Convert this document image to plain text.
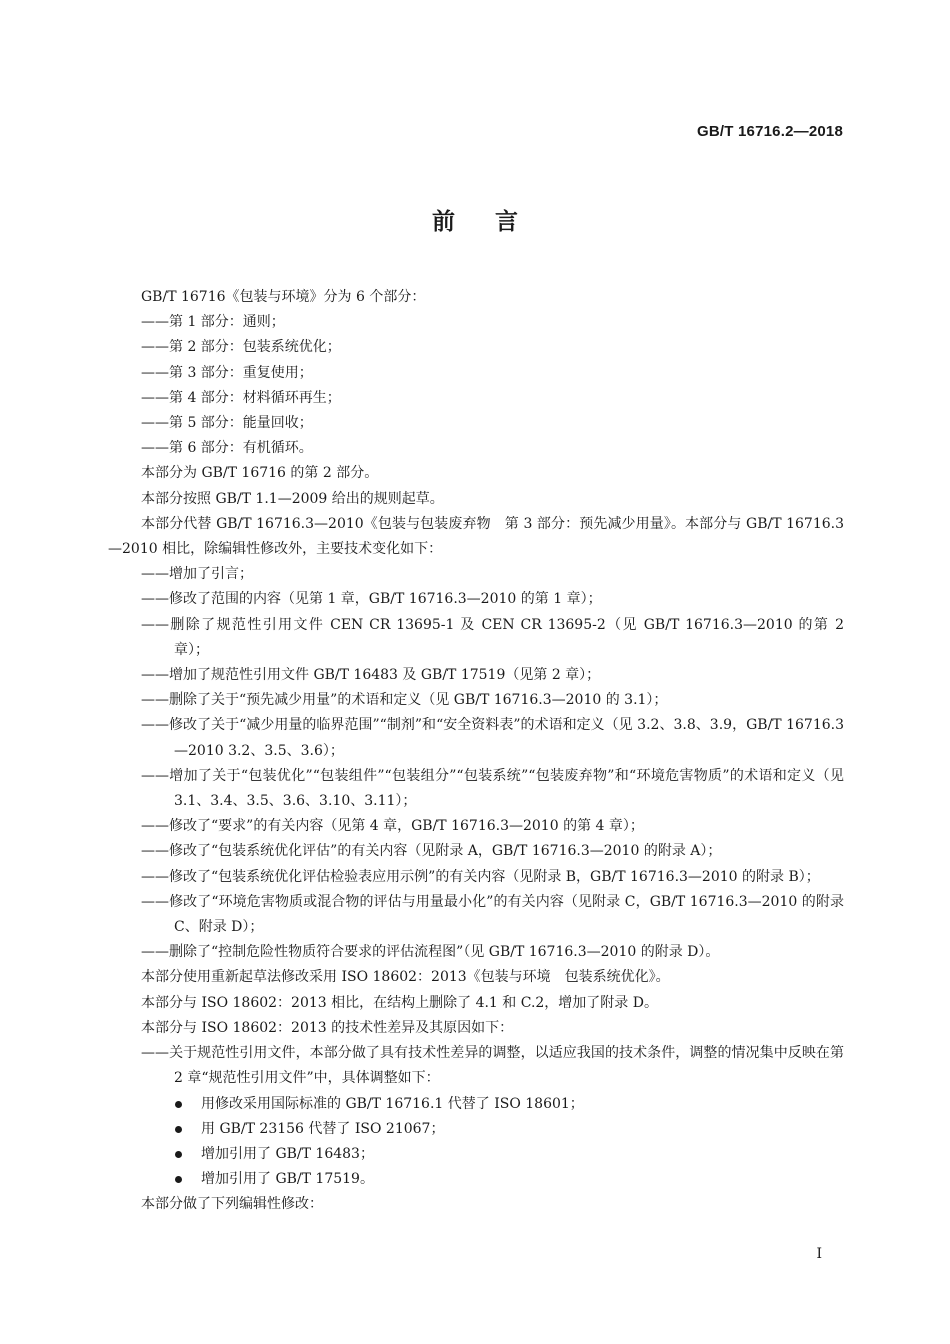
GB/T 16716.2—2018
前言
GB/T 16716《包装与环境》分为 6 个部分：
——第 1 部分：通则；
——第 2 部分：包装系统优化；
——第 3 部分：重复使用；
——第 4 部分：材料循环再生；
——第 5 部分：能量回收；
——第 6 部分：有机循环。
本部分为 GB/T 16716 的第 2 部分。
本部分按照 GB/T 1.1—2009 给出的规则起草。
本部分代替 GB/T 16716.3—2010《包装与包装废弃物　第 3 部分：预先减少用量》。本部分与 GB/T 16716.3—2010 相比，除编辑性修改外，主要技术变化如下：
——增加了引言；
——修改了范围的内容（见第 1 章，GB/T 16716.3—2010 的第 1 章）；
——删除了规范性引用文件 CEN CR 13695-1 及 CEN CR 13695-2（见 GB/T 16716.3—2010 的第 2 章）；
——增加了规范性引用文件 GB/T 16483 及 GB/T 17519（见第 2 章）；
——删除了关于“预先减少用量”的术语和定义（见 GB/T 16716.3—2010 的 3.1）；
——修改了关于“减少用量的临界范围”“制剂”和“安全资料表”的术语和定义（见 3.2、3.8、3.9，GB/T 16716.3—2010 3.2、3.5、3.6）；
——增加了关于“包装优化”“包装组件”“包装组分”“包装系统”“包装废弃物”和“环境危害物质”的术语和定义（见 3.1、3.4、3.5、3.6、3.10、3.11）；
——修改了“要求”的有关内容（见第 4 章，GB/T 16716.3—2010 的第 4 章）；
——修改了“包装系统优化评估”的有关内容（见附录 A，GB/T 16716.3—2010 的附录 A）；
——修改了“包装系统优化评估检验表应用示例”的有关内容（见附录 B，GB/T 16716.3—2010 的附录 B）；
——修改了“环境危害物质或混合物的评估与用量最小化”的有关内容（见附录 C，GB/T 16716.3—2010 的附录 C、附录 D）；
——删除了“控制危险性物质符合要求的评估流程图”（见 GB/T 16716.3—2010 的附录 D）。
本部分使用重新起草法修改采用 ISO 18602：2013《包装与环境　包装系统优化》。
本部分与 ISO 18602：2013 相比，在结构上删除了 4.1 和 C.2，增加了附录 D。
本部分与 ISO 18602：2013 的技术性差异及其原因如下：
——关于规范性引用文件，本部分做了具有技术性差异的调整，以适应我国的技术条件，调整的情况集中反映在第 2 章“规范性引用文件”中，具体调整如下：
用修改采用国际标准的 GB/T 16716.1 代替了 ISO 18601；
用 GB/T 23156 代替了 ISO 21067；
增加引用了 GB/T 16483；
增加引用了 GB/T 17519。
本部分做了下列编辑性修改：
I
